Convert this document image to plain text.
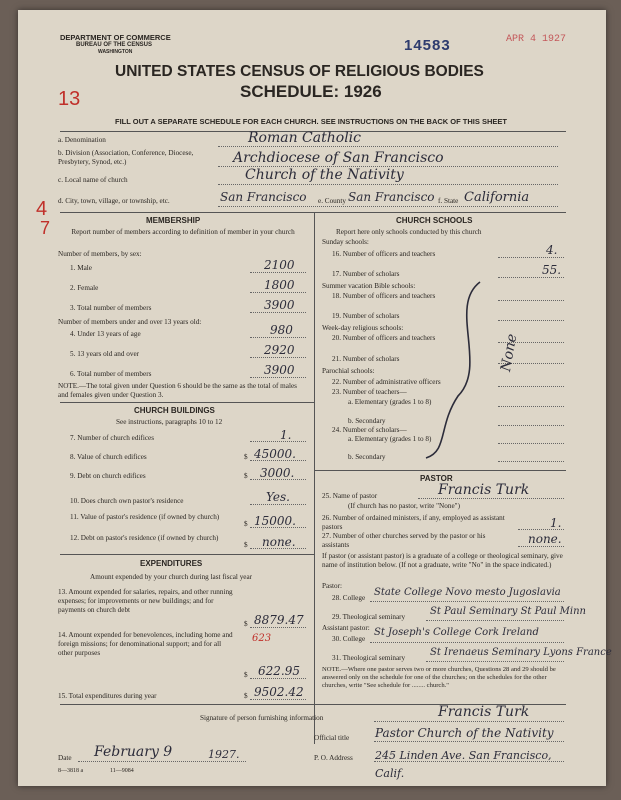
DEPARTMENT OF COMMERCE
BUREAU OF THE CENSUS
WASHINGTON	14583	APR 4 1927
UNITED STATES CENSUS OF RELIGIOUS BODIES
SCHEDULE: 1926
13
FILL OUT A SEPARATE SCHEDULE FOR EACH CHURCH. SEE INSTRUCTIONS ON THE BACK OF THIS SHEET
a. Denomination	Roman Catholic
b. Division (Association, Conference, Diocese, Presbytery, Synod, etc.)	Archdiocese of San Francisco
c. Local name of church	Church of the Nativity
d. City, town, village, or township, etc.	San Francisco e. County San Francisco f. State California
4
7	MEMBERSHIP
Report number of members according to definition of member in your church
Number of members, by sex:
1. Male	2100
2. Female	1800
3. Total number of members	3900
Number of members under and over 13 years old:
4. Under 13 years of age	980
5. 13 years old and over	2920
6. Total number of members	3900
NOTE.—The total given under Question 6 should be the same as the total of males and females given under Question 3.
CHURCH BUILDINGS
See instructions, paragraphs 10 to 12
7. Number of church edifices	1.
8. Value of church edifices	$ 45000.
9. Debt on church edifices	$ 3000.
10. Does church own pastor's residence	Yes.
11. Value of pastor's residence (if owned by church)
$ 15000.
12. Debt on pastor's residence (if owned by church)
$ none.
EXPENDITURES
Amount expended by your church during last fiscal year
13. Amount expended for salaries, repairs, and other running expenses; for improvements or new buildings; and for payments on church debt
$ 8879.47
14. Amount expended for benevolences, including home and foreign missions; for denominational support; and for all other purposes
623
$ 622.95
15. Total expenditures during year	$ 9502.42
CHURCH SCHOOLS
Report here only schools conducted by this church
Sunday schools:
16. Number of officers and teachers	4.
17. Number of scholars	55.
Summer vacation Bible schools:
18. Number of officers and teachers
19. Number of scholars
Week-day religious schools:
20. Number of officers and teachers
21. Number of scholars
Parochial schools:
22. Number of administrative officers
23. Number of teachers—
a. Elementary (grades 1 to 8)
b. Secondary
24. Number of scholars—
a. Elementary (grades 1 to 8)
b. Secondary
None
PASTOR
25. Name of pastor	Francis Turk
(If church has no pastor, write "None")
26. Number of ordained ministers, if any, employed as assistant pastors	1.
27. Number of other churches served by the pastor or his assistants	none.
If pastor (or assistant pastor) is a graduate of a college or theological seminary, give name of institution below. (If not a graduate, write "No" in the space indicated.)
Pastor:
28. College State College Novo mesto Jugoslavia
29. Theological seminary St Paul Seminary St Paul Minn
Assistant pastor:
30. College
St Joseph's College Cork Ireland
31. Theological seminary St Irenaeus Seminary Lyons France
NOTE.—Where one pastor serves two or more churches, Questions 28 and 29 should be answered only on the schedule for one of the churches; on the schedules for the other churches, write "See schedule for ........ church."
Signature of person furnishing information	Francis Turk
Official title Pastor Church of the Nativity
Date February 9	1927.	P. O. Address 245 Linden Ave. San Francisco, Calif.
8—3818 a	11—9084
